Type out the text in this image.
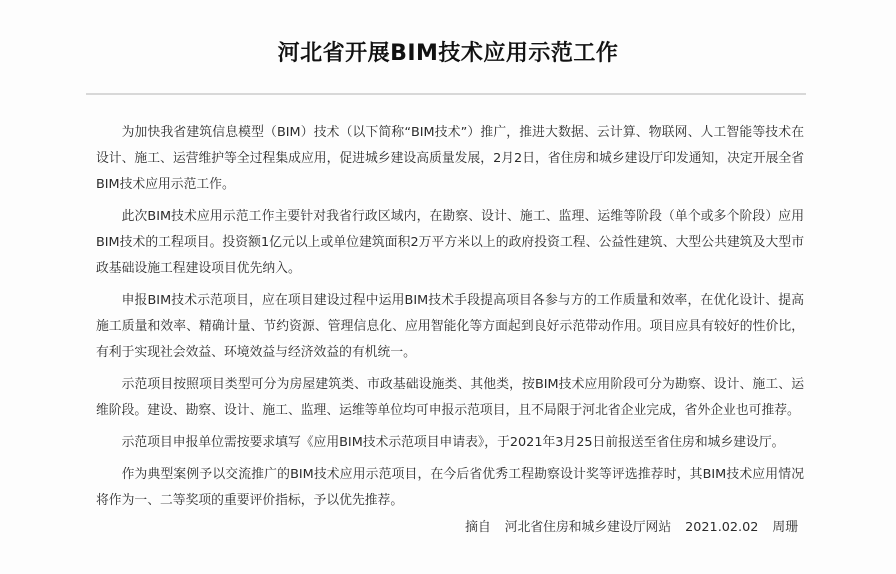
河北省开展BIM技术应用示范工作

为加快我省建筑信息模型（BIM）技术（以下简称“BIM技术”）推广，推进大数据、云计算、物联网、人工智能等技术在设计、施工、运营维护等全过程集成应用，促进城乡建设高质量发展，2月2日，省住房和城乡建设厅印发通知，决定开展全省BIM技术应用示范工作。

此次BIM技术应用示范工作主要针对我省行政区域内，在勘察、设计、施工、监理、运维等阶段（单个或多个阶段）应用BIM技术的工程项目。投资额1亿元以上或单位建筑面积2万平方米以上的政府投资工程、公益性建筑、大型公共建筑及大型市政基础设施工程建设项目优先纳入。

申报BIM技术示范项目，应在项目建设过程中运用BIM技术手段提高项目各参与方的工作质量和效率，在优化设计、提高施工质量和效率、精确计量、节约资源、管理信息化、应用智能化等方面起到良好示范带动作用。项目应具有较好的性价比，有利于实现社会效益、环境效益与经济效益的有机统一。

示范项目按照项目类型可分为房屋建筑类、市政基础设施类、其他类，按BIM技术应用阶段可分为勘察、设计、施工、运维阶段。建设、勘察、设计、施工、监理、运维等单位均可申报示范项目，且不局限于河北省企业完成，省外企业也可推荐。

示范项目申报单位需按要求填写《应用BIM技术示范项目申请表》，于2021年3月25日前报送至省住房和城乡建设厅。

作为典型案例予以交流推广的BIM技术应用示范项目，在今后省优秀工程勘察设计奖等评选推荐时，其BIM技术应用情况将作为一、二等奖项的重要评价指标，予以优先推荐。

摘自 河北省住房和城乡建设厅网站 2021.02.02 周珊
